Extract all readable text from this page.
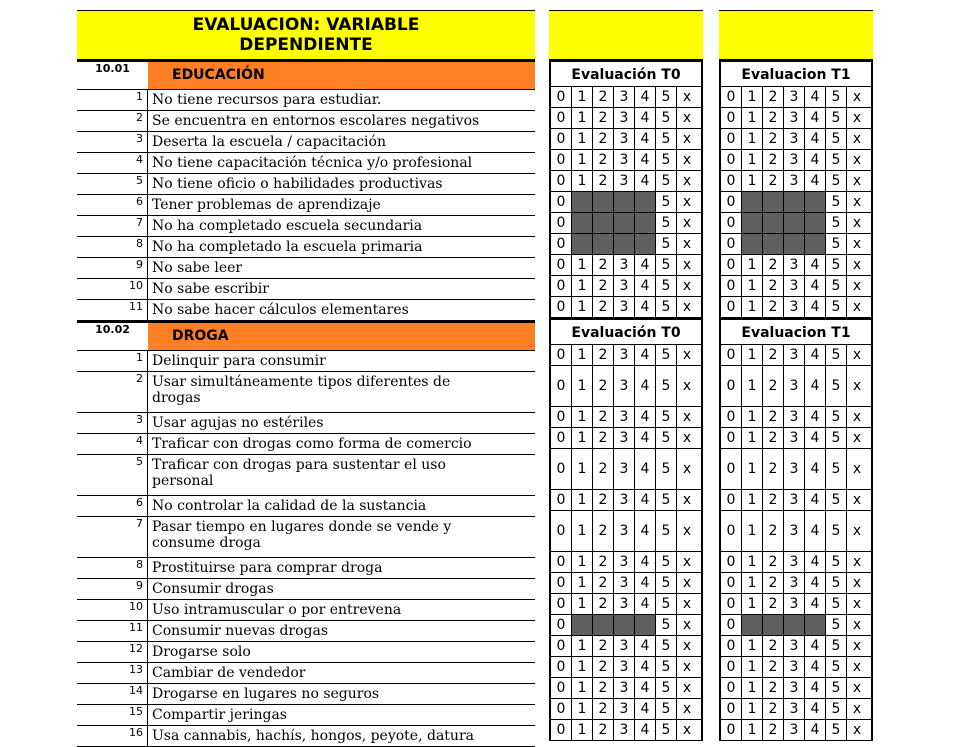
EVALUACION: VARIABLE
DEPENDIENTE
10.01	EDUCACIÓN
1 No tiene recursos para estudiar.
2 Se encuentra en entornos escolares negativos
3 Deserta la escuela / capacitación
4 No tiene capacitación técnica y/o profesional
5 No tiene oficio o habilidades productivas
6 Tener problemas de aprendizaje
7 No ha completado escuela secundaria
8 No ha completado la escuela primaria
9 No sabe leer
10 No sabe escribir
11 No sabe hacer cálculos elementares
10.02	DROGA
1 Delinquir para consumir
2 Usar simultáneamente tipos diferentes de
drogas
3 Usar agujas no estériles
4 Traficar con drogas como forma de comercio
5 Traficar con drogas para sustentar el uso
personal
6 No controlar la calidad de la sustancia
7 Pasar tiempo en lugares donde se vende y
consume droga
8 Prostituirse para comprar droga
9 Consumir drogas
10 Uso intramuscular o por entrevena
11 Consumir nuevas drogas
12 Drogarse solo
13 Cambiar de vendedor
14 Drogarse en lugares no seguros
15 Compartir jeringas
16 Usa cannabis, hachís, hongos, peyote, datura
Evaluación T0
0 1 2 3 4 5 x
0 1 2 3 4 5 x
0 1 2 3 4 5 x
0 1 2 3 4 5 x
0 1 2 3 4 5 x
0	5 x
0	5 x
0	5 x
0 1 2 3 4 5 x
0 1 2 3 4 5 x
0 1 2 3 4 5 x
Evaluación T0
0 1 2 3 4 5 x
0 1 2 3 4 5 x
0 1 2 3 4 5 x
0 1 2 3 4 5 x
0 1 2 3 4 5 x
0 1 2 3 4 5 x
0 1 2 3 4 5 x
0 1 2 3 4 5 x
0 1 2 3 4 5 x
0 1 2 3 4 5 x
0	5 x
0 1 2 3 4 5 x
0 1 2 3 4 5 x
0 1 2 3 4 5 x
0 1 2 3 4 5 x
0 1 2 3 4 5 x
Evaluacion T1
0 1 2 3 4 5 x
0 1 2 3 4 5 x
0 1 2 3 4 5 x
0 1 2 3 4 5 x
0 1 2 3 4 5 x
0	5 x
0	5 x
0	5 x
0 1 2 3 4 5 x
0 1 2 3 4 5 x
0 1 2 3 4 5 x
Evaluacion T1
0 1 2 3 4 5 x
0 1 2 3 4 5 x
0 1 2 3 4 5 x
0 1 2 3 4 5 x
0 1 2 3 4 5 x
0 1 2 3 4 5 x
0 1 2 3 4 5 x
0 1 2 3 4 5 x
0 1 2 3 4 5 x
0 1 2 3 4 5 x
0	5 x
0 1 2 3 4 5 x
0 1 2 3 4 5 x
0 1 2 3 4 5 x
0 1 2 3 4 5 x
0 1 2 3 4 5 x
